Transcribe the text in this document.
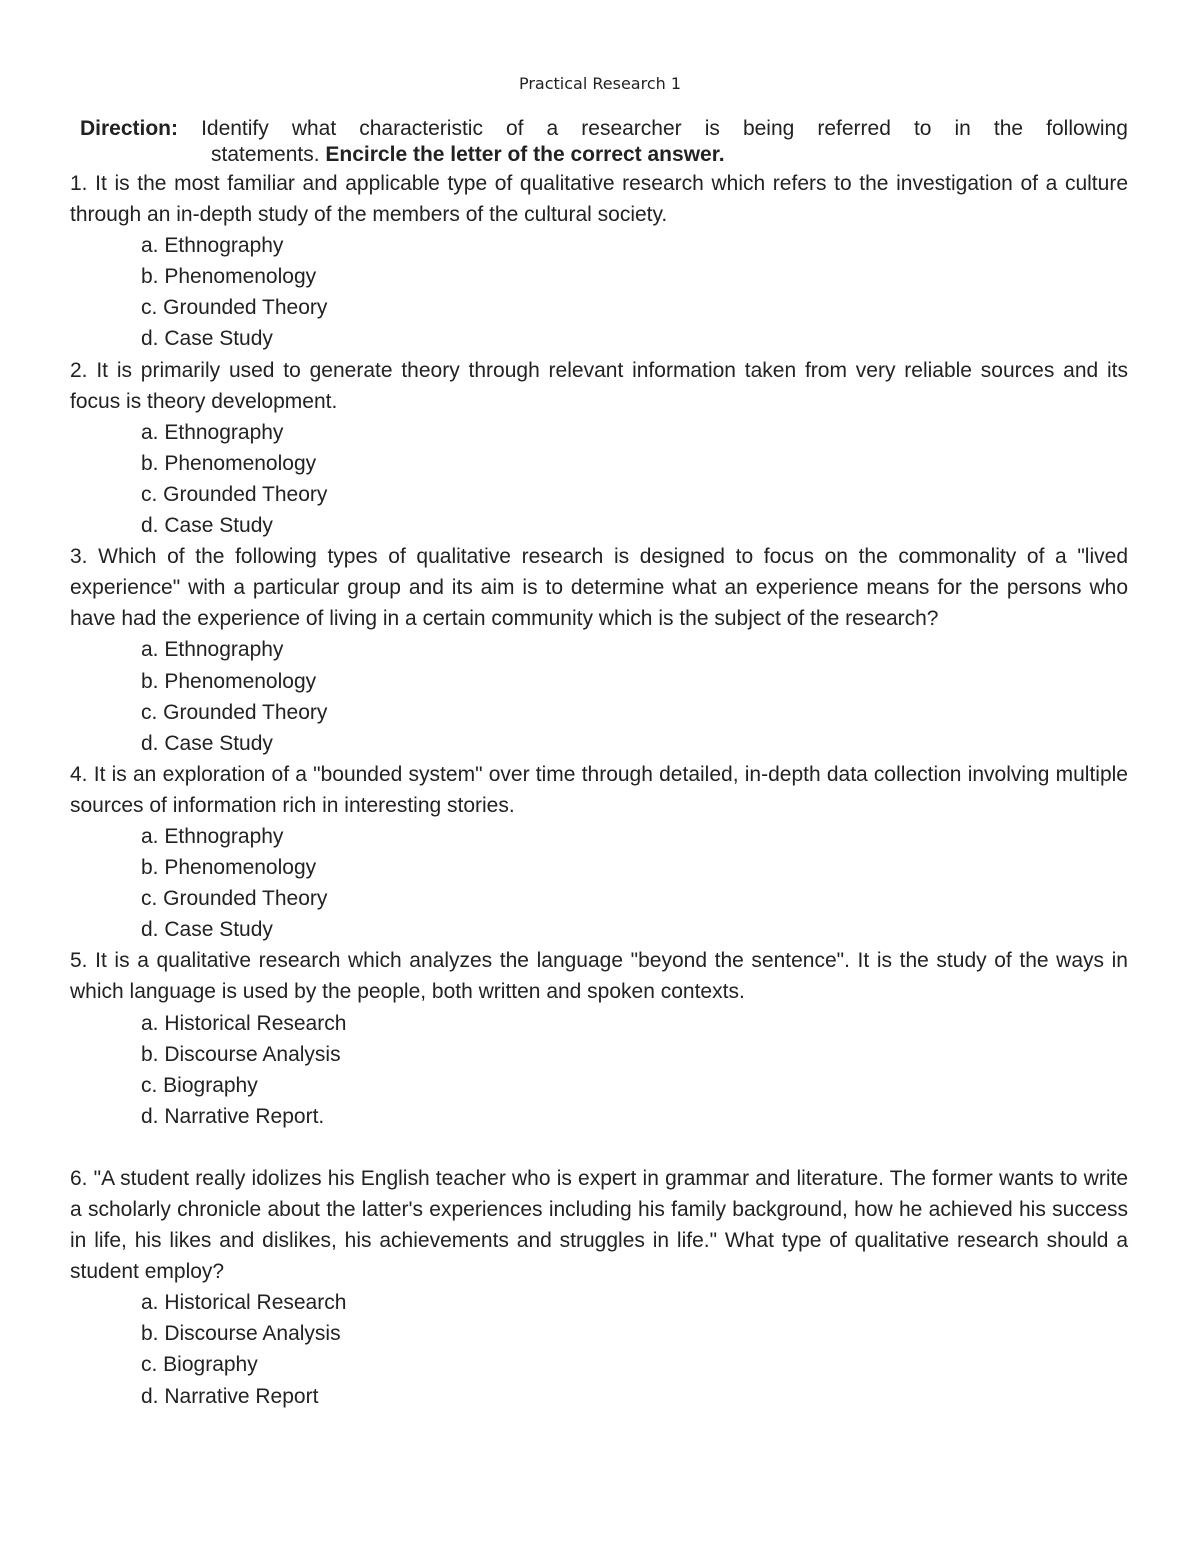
Practical Research 1
Direction: Identify what characteristic of a researcher is being referred to in the following
statements. Encircle the letter of the correct answer.

1. It is the most familiar and applicable type of qualitative research which refers to the investigation of a culture through an in-depth study of the members of the cultural society.

a. Ethnography
b. Phenomenology
c. Grounded Theory
d. Case Study

2. It is primarily used to generate theory through relevant information taken from very reliable sources and its focus is theory development.

a. Ethnography
b. Phenomenology
c. Grounded Theory
d. Case Study

3. Which of the following types of qualitative research is designed to focus on the commonality of a "lived experience" with a particular group and its aim is to determine what an experience means for the persons who have had the experience of living in a certain community which is the subject of the research?

a. Ethnography
b. Phenomenology
c. Grounded Theory
d. Case Study

4. It is an exploration of a "bounded system" over time through detailed, in-depth data collection involving multiple sources of information rich in interesting stories.

a. Ethnography
b. Phenomenology
c. Grounded Theory
d. Case Study

5. It is a qualitative research which analyzes the language "beyond the sentence". It is the study of the ways in which language is used by the people, both written and spoken contexts.

a. Historical Research
b. Discourse Analysis
c. Biography
d. Narrative Report.

6. "A student really idolizes his English teacher who is expert in grammar and literature. The former wants to write a scholarly chronicle about the latter's experiences including his family background, how he achieved his success in life, his likes and dislikes, his achievements and struggles in life." What type of qualitative research should a student employ?

a. Historical Research
b. Discourse Analysis
c. Biography
d. Narrative Report
